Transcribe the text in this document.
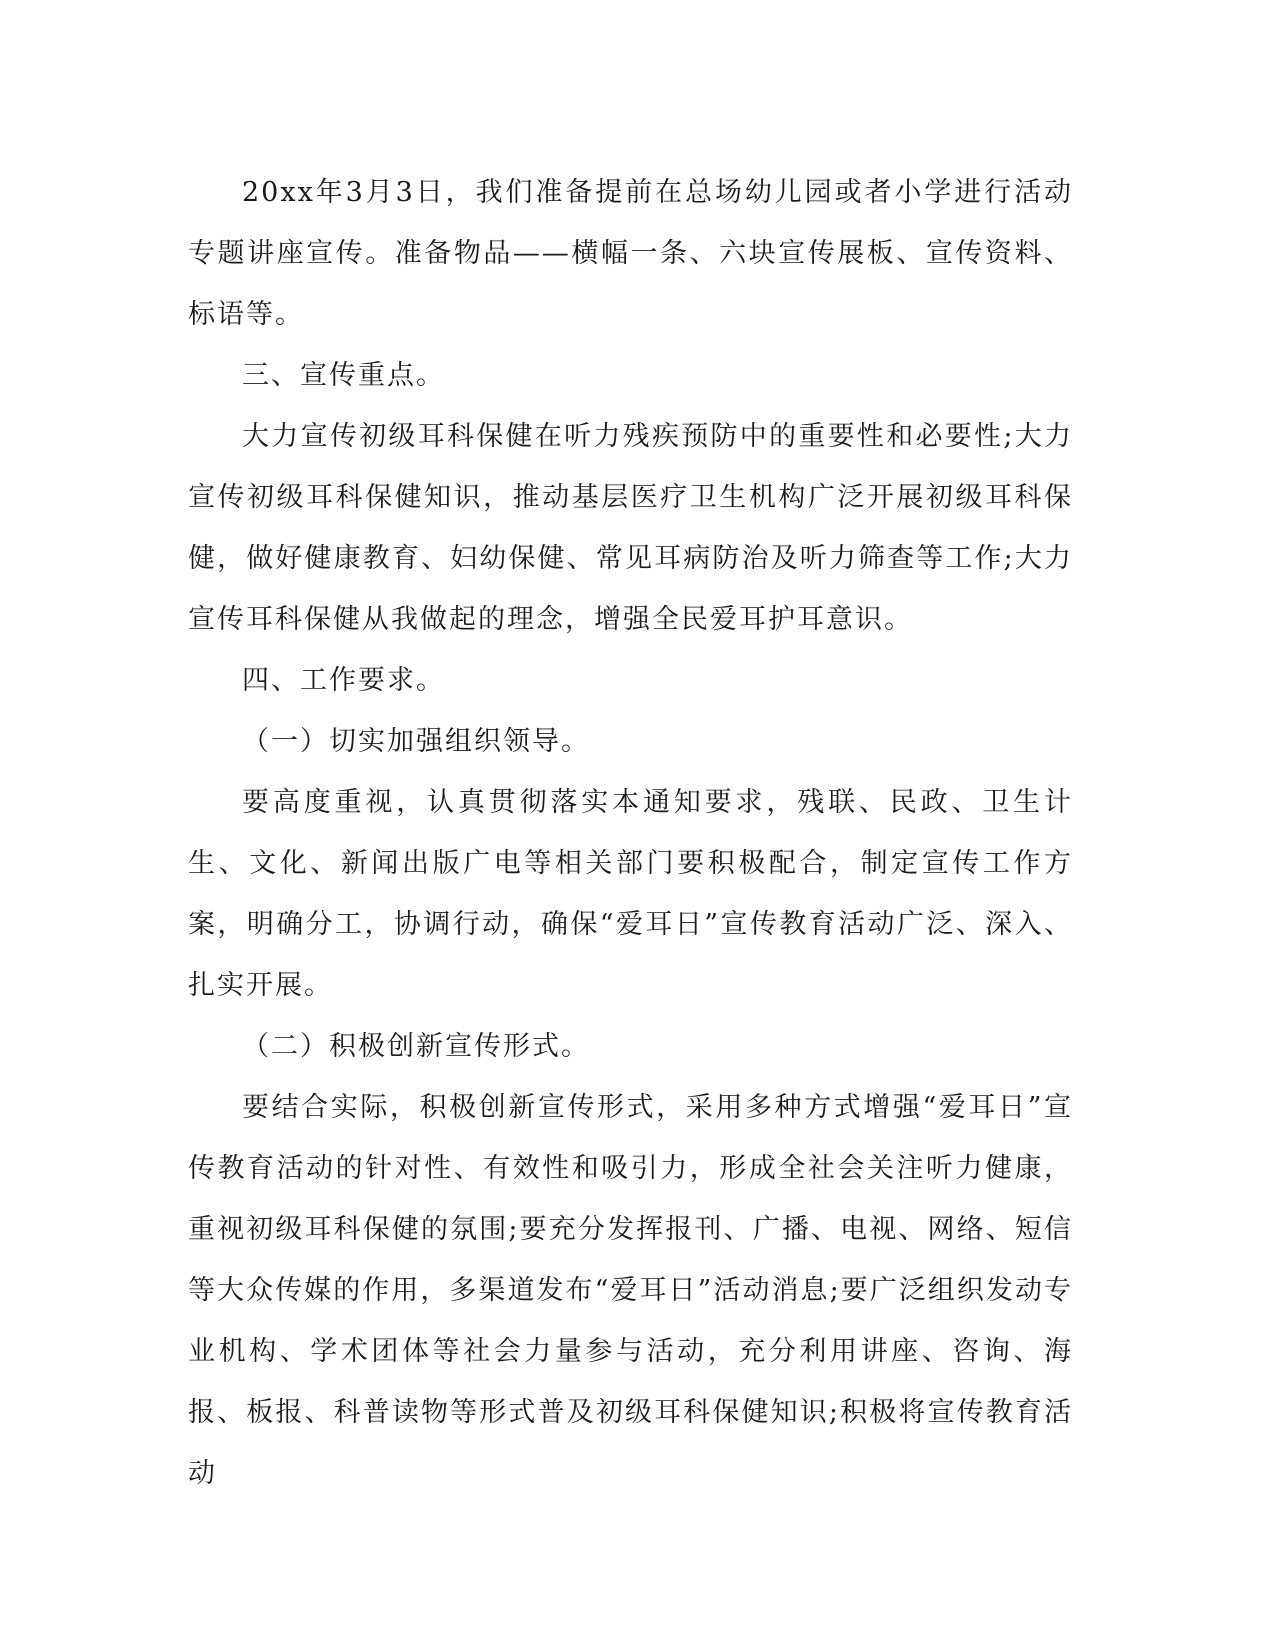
20xx年3月3日，我们准备提前在总场幼儿园或者小学进行活动专题讲座宣传。准备物品——横幅一条、六块宣传展板、宣传资料、标语等。

三、宣传重点。

大力宣传初级耳科保健在听力残疾预防中的重要性和必要性;大力宣传初级耳科保健知识，推动基层医疗卫生机构广泛开展初级耳科保健，做好健康教育、妇幼保健、常见耳病防治及听力筛查等工作;大力宣传耳科保健从我做起的理念，增强全民爱耳护耳意识。

四、工作要求。

（一）切实加强组织领导。

要高度重视，认真贯彻落实本通知要求，残联、民政、卫生计生、文化、新闻出版广电等相关部门要积极配合，制定宣传工作方案，明确分工，协调行动，确保“爱耳日”宣传教育活动广泛、深入、扎实开展。

（二）积极创新宣传形式。

要结合实际，积极创新宣传形式，采用多种方式增强“爱耳日”宣传教育活动的针对性、有效性和吸引力，形成全社会关注听力健康，重视初级耳科保健的氛围;要充分发挥报刊、广播、电视、网络、短信等大众传媒的作用，多渠道发布“爱耳日”活动消息;要广泛组织发动专业机构、学术团体等社会力量参与活动，充分利用讲座、咨询、海报、板报、科普读物等形式普及初级耳科保健知识;积极将宣传教育活动
